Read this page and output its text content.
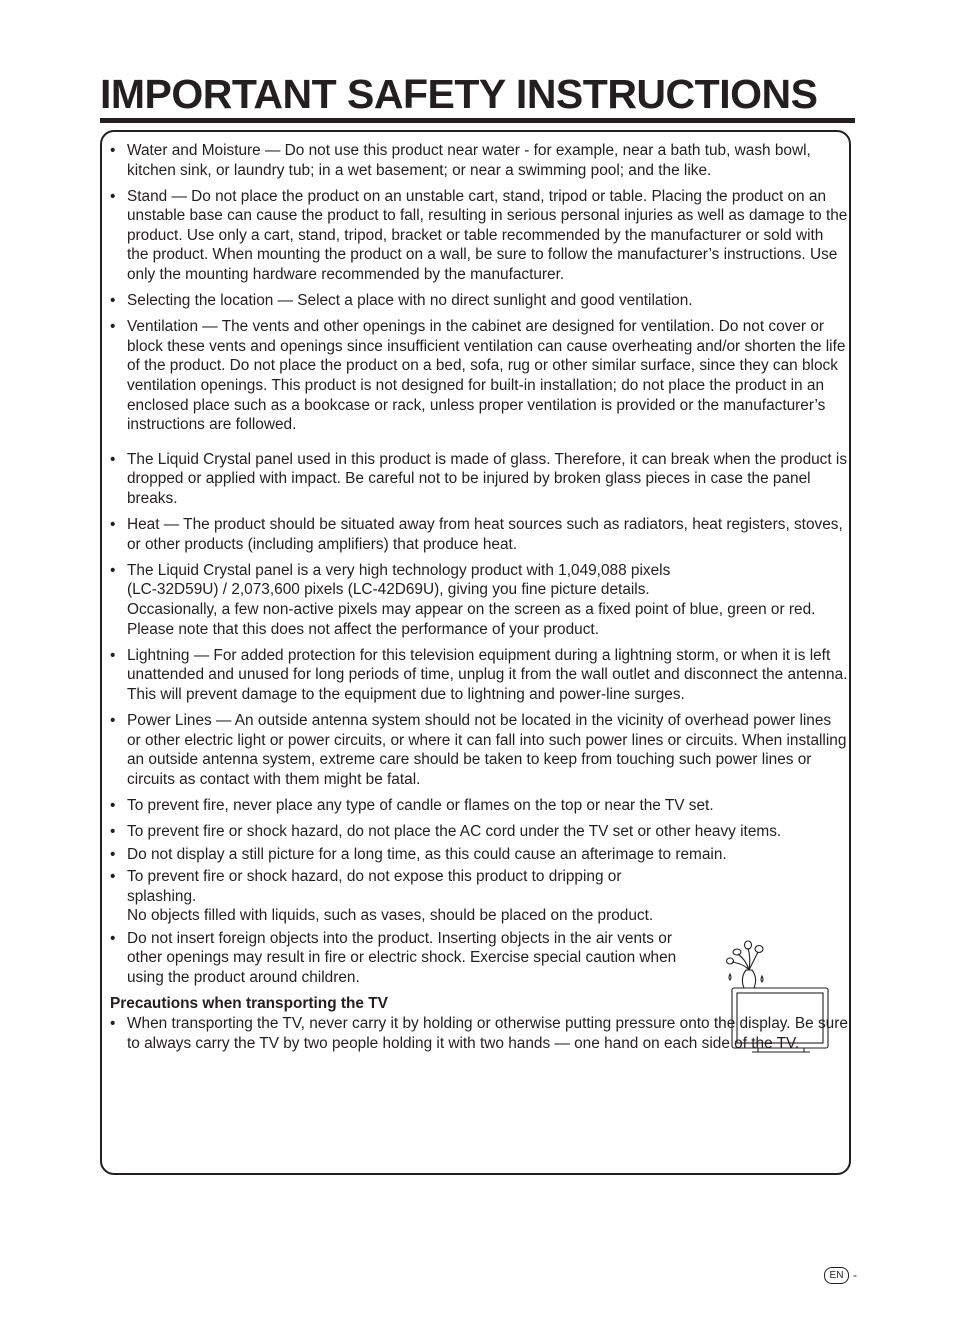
IMPORTANT SAFETY INSTRUCTIONS
• Water and Moisture — Do not use this product near water - for example, near a bath tub, wash bowl, kitchen sink, or laundry tub; in a wet basement; or near a swimming pool; and the like.
• Stand — Do not place the product on an unstable cart, stand, tripod or table. Placing the product on an unstable base can cause the product to fall, resulting in serious personal injuries as well as damage to the product. Use only a cart, stand, tripod, bracket or table recommended by the manufacturer or sold with the product. When mounting the product on a wall, be sure to follow the manufacturer’s instructions. Use only the mounting hardware recommended by the manufacturer.
• Selecting the location — Select a place with no direct sunlight and good ventilation.
• Ventilation — The vents and other openings in the cabinet are designed for ventilation. Do not cover or block these vents and openings since insufficient ventilation can cause overheating and/or shorten the life of the product. Do not place the product on a bed, sofa, rug or other similar surface, since they can block ventilation openings. This product is not designed for built-in installation; do not place the product in an enclosed place such as a bookcase or rack, unless proper ventilation is provided or the manufacturer’s instructions are followed.
• The Liquid Crystal panel used in this product is made of glass. Therefore, it can break when the product is dropped or applied with impact. Be careful not to be injured by broken glass pieces in case the panel breaks.
• Heat — The product should be situated away from heat sources such as radiators, heat registers, stoves, or other products (including amplifiers) that produce heat.
• The Liquid Crystal panel is a very high technology product with 1,049,088 pixels
(LC-32D59U) / 2,073,600 pixels (LC-42D69U), giving you fine picture details.
Occasionally, a few non-active pixels may appear on the screen as a fixed point of blue, green or red. Please note that this does not affect the performance of your product.
• Lightning — For added protection for this television equipment during a lightning storm, or when it is left unattended and unused for long periods of time, unplug it from the wall outlet and disconnect the antenna. This will prevent damage to the equipment due to lightning and power-line surges.
• Power Lines — An outside antenna system should not be located in the vicinity of overhead power lines or other electric light or power circuits, or where it can fall into such power lines or circuits. When installing an outside antenna system, extreme care should be taken to keep from touching such power lines or circuits as contact with them might be fatal.
• To prevent fire, never place any type of candle or flames on the top or near the TV set.
• To prevent fire or shock hazard, do not place the AC cord under the TV set or other heavy items.
• Do not display a still picture for a long time, as this could cause an afterimage to remain.
• To prevent fire or shock hazard, do not expose this product to dripping or splashing.
No objects filled with liquids, such as vases, should be placed on the product.
• Do not insert foreign objects into the product. Inserting objects in the air vents or other openings may result in fire or electric shock. Exercise special caution when using the product around children.
Precautions when transporting the TV
• When transporting the TV, never carry it by holding or otherwise putting pressure onto the display. Be sure to always carry the TV by two people holding it with two hands — one hand on each side of the TV.
EN -
